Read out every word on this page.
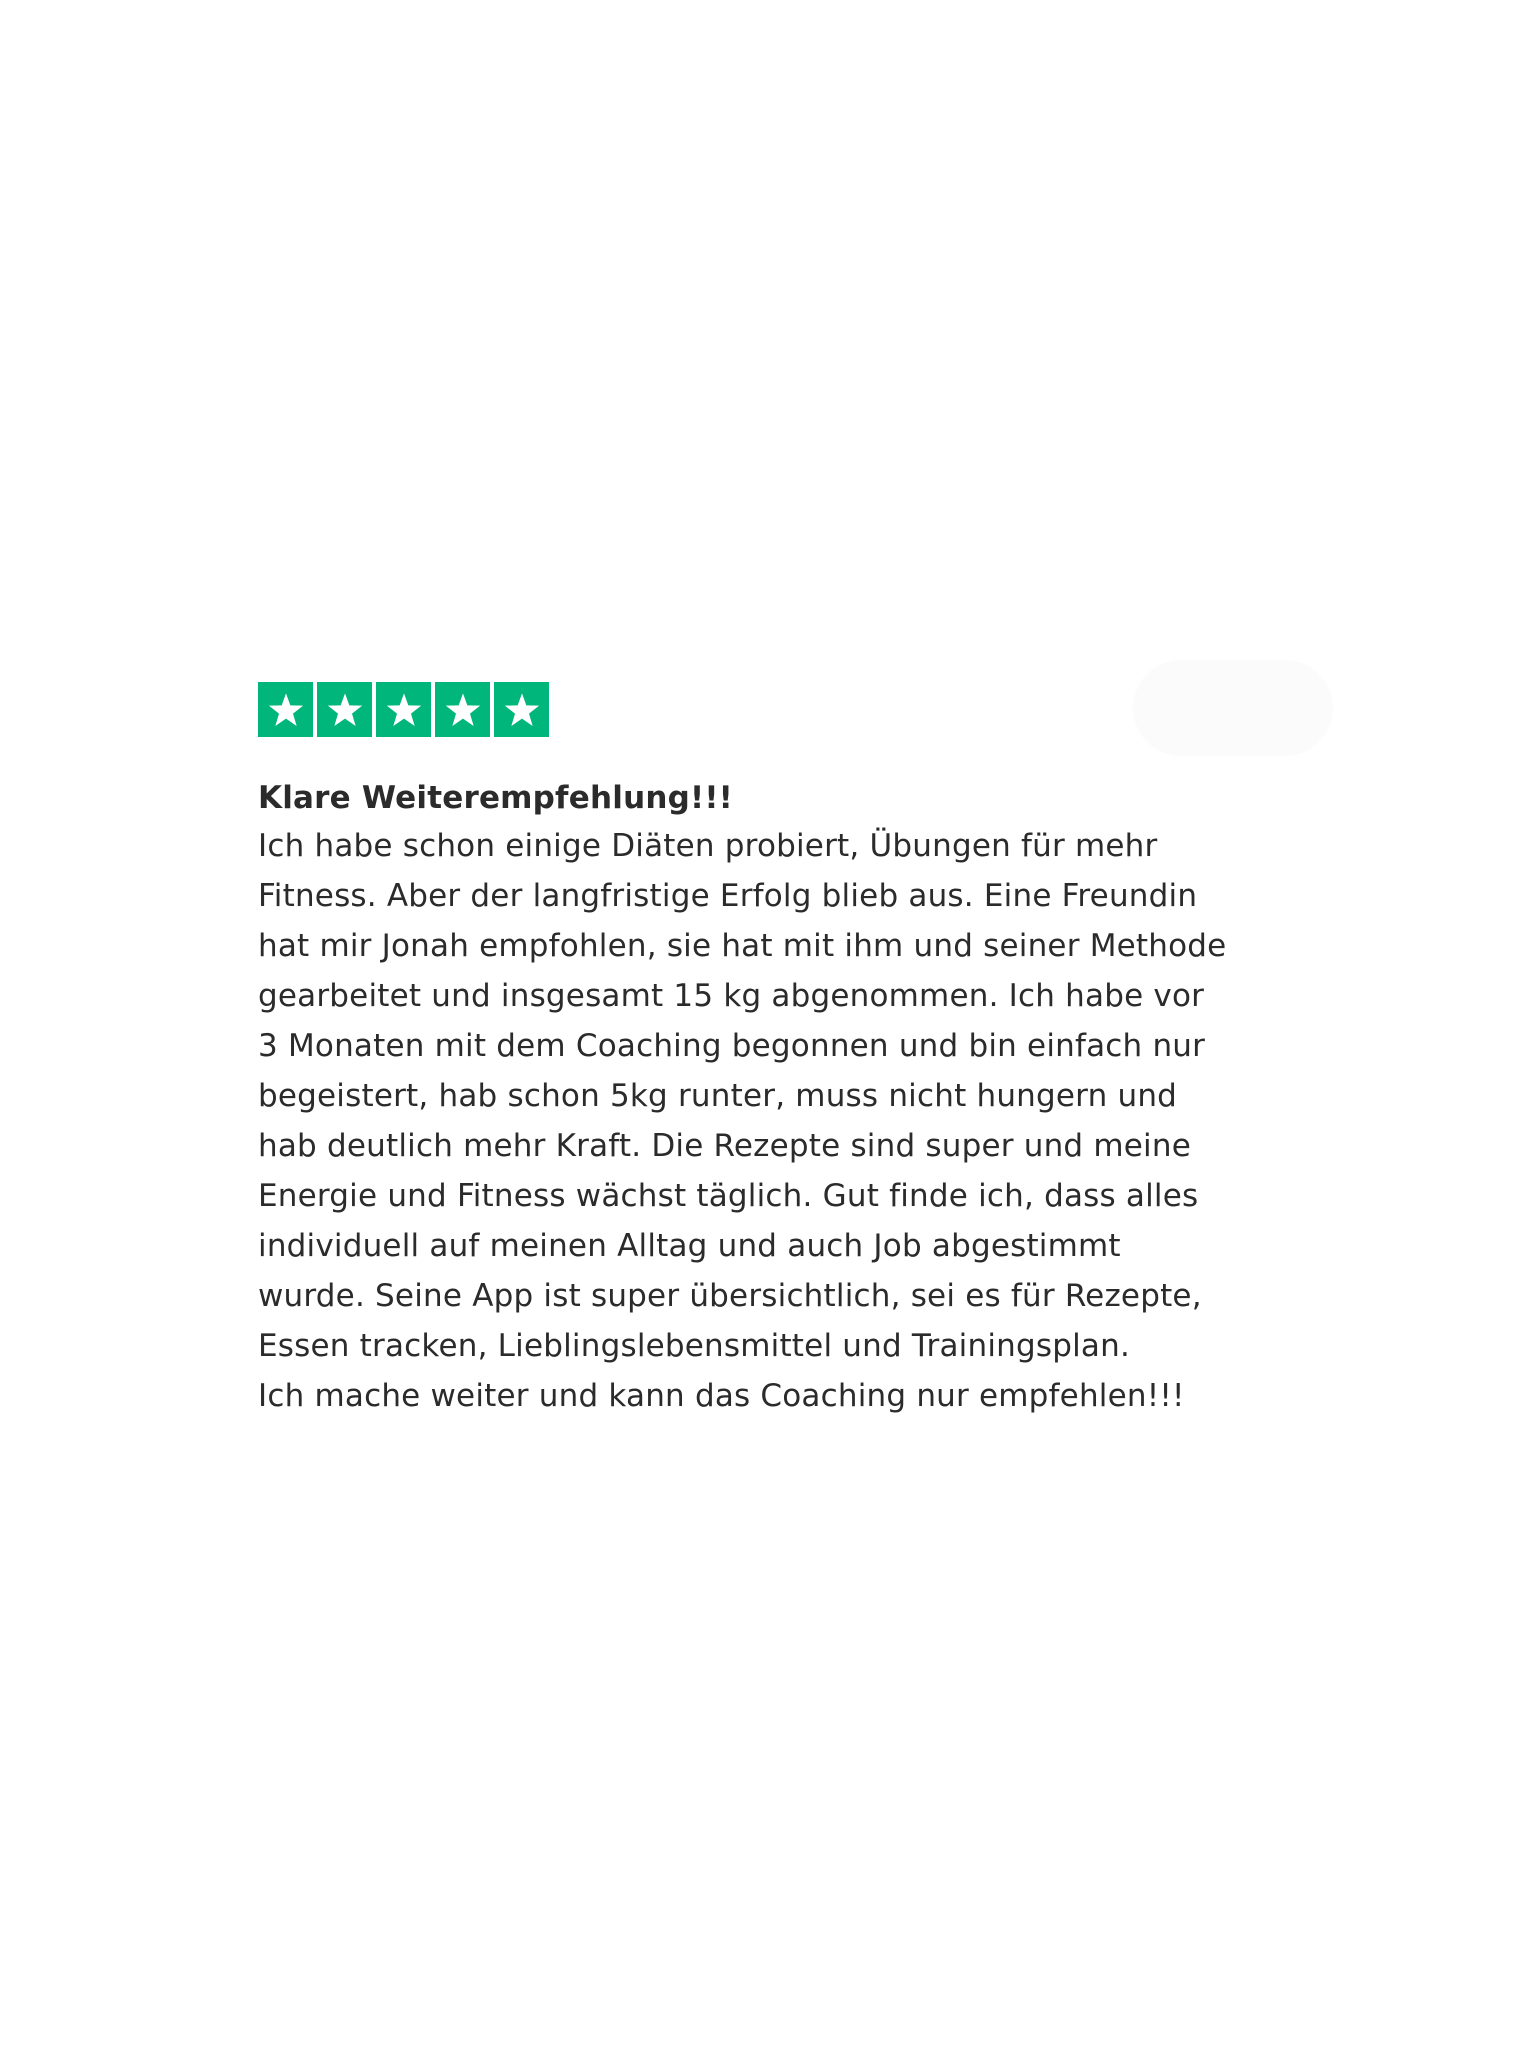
Klare Weiterempfehlung!!!

Ich habe schon einige Diäten probiert, Übungen für mehr
Fitness. Aber der langfristige Erfolg blieb aus. Eine Freundin
hat mir Jonah empfohlen, sie hat mit ihm und seiner Methode
gearbeitet und insgesamt 15 kg abgenommen. Ich habe vor
3 Monaten mit dem Coaching begonnen und bin einfach nur
begeistert, hab schon 5kg runter, muss nicht hungern und
hab deutlich mehr Kraft. Die Rezepte sind super und meine
Energie und Fitness wächst täglich. Gut finde ich, dass alles
individuell auf meinen Alltag und auch Job abgestimmt
wurde. Seine App ist super übersichtlich, sei es für Rezepte,
Essen tracken, Lieblingslebensmittel und Trainingsplan.
Ich mache weiter und kann das Coaching nur empfehlen!!!
